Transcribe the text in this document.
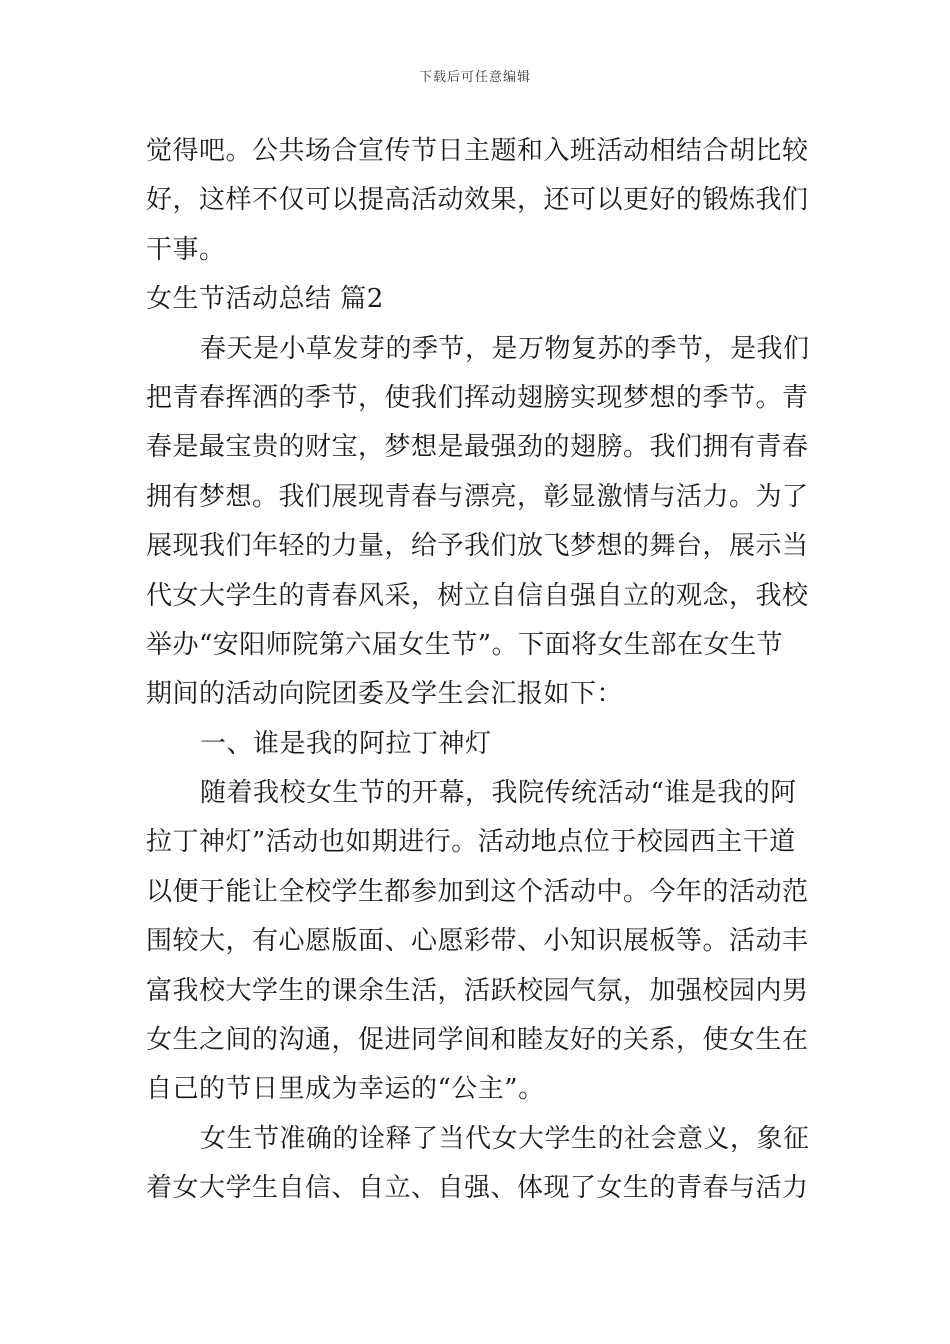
下载后可任意编辑
觉得吧。公共场合宣传节日主题和入班活动相结合胡比较
好，这样不仅可以提高活动效果，还可以更好的锻炼我们
干事。
女生节活动总结 篇2
春天是小草发芽的季节，是万物复苏的季节，是我们
把青春挥洒的季节，使我们挥动翅膀实现梦想的季节。青
春是最宝贵的财宝，梦想是最强劲的翅膀。我们拥有青春
拥有梦想。我们展现青春与漂亮，彰显激情与活力。为了
展现我们年轻的力量，给予我们放飞梦想的舞台，展示当
代女大学生的青春风采，树立自信自强自立的观念，我校
举办“安阳师院第六届女生节”。下面将女生部在女生节
期间的活动向院团委及学生会汇报如下：
一、谁是我的阿拉丁神灯
随着我校女生节的开幕，我院传统活动“谁是我的阿
拉丁神灯”活动也如期进行。活动地点位于校园西主干道
以便于能让全校学生都参加到这个活动中。今年的活动范
围较大，有心愿版面、心愿彩带、小知识展板等。活动丰
富我校大学生的课余生活，活跃校园气氛，加强校园内男
女生之间的沟通，促进同学间和睦友好的关系，使女生在
自己的节日里成为幸运的“公主”。
女生节准确的诠释了当代女大学生的社会意义，象征
着女大学生自信、自立、自强、体现了女生的青春与活力
